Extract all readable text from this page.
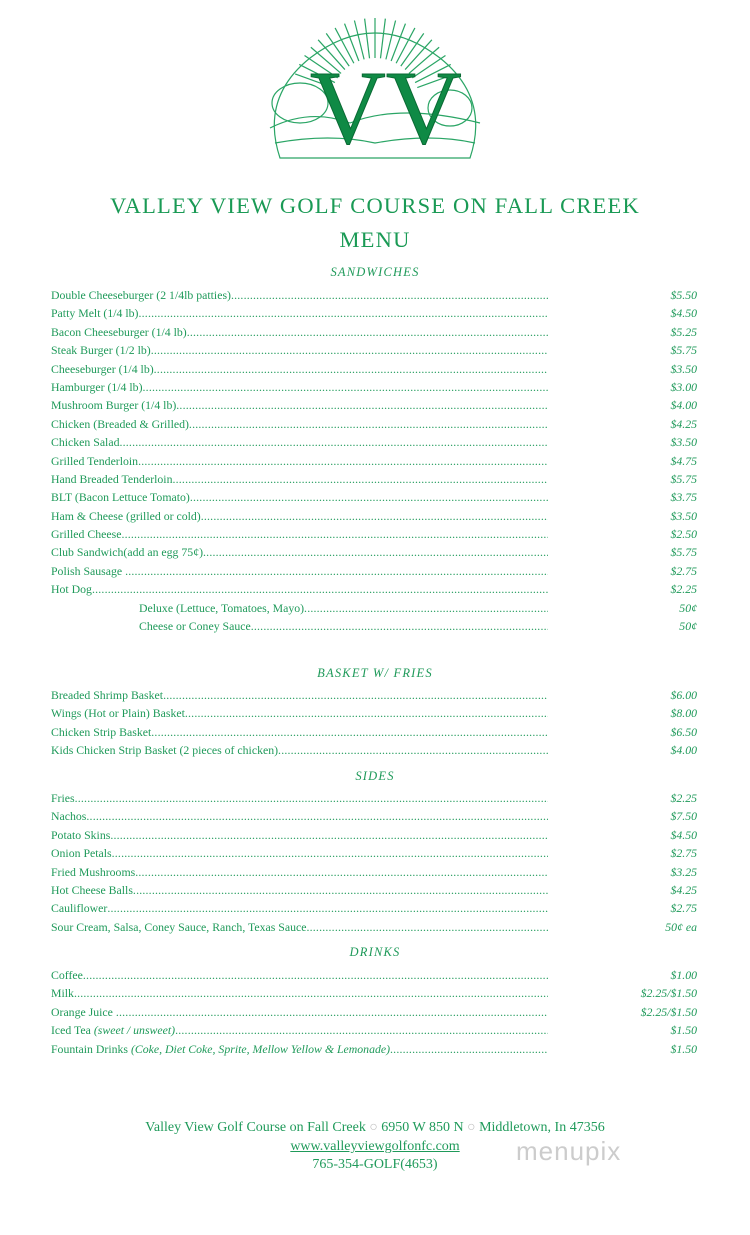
VV
VALLEY VIEW GOLF COURSE ON FALL CREEK
MENU
SANDWICHES
Double Cheeseburger (2 1/4lb patties) .....	$5.50
Patty Melt (1/4 lb) .....	$4.50
Bacon Cheeseburger (1/4 lb) .....	$5.25
Steak Burger (1/2 lb) .....	$5.75
Cheeseburger (1/4 lb) .....	$3.50
Hamburger (1/4 lb) .....	$3.00
Mushroom Burger (1/4 lb) .....	$4.00
Chicken (Breaded & Grilled) .....	$4.25
Chicken Salad .....	$3.50
Grilled Tenderloin .....	$4.75
Hand Breaded Tenderloin .....	$5.75
BLT (Bacon Lettuce Tomato) .....	$3.75
Ham & Cheese (grilled or cold) .....	$3.50
Grilled Cheese .....	$2.50
Club Sandwich(add an egg 75¢) .....	$5.75
Polish Sausage .....	$2.75
Hot Dog .....	$2.25
Deluxe (Lettuce, Tomatoes, Mayo) .....	50¢
Cheese or Coney Sauce .....	50¢
BASKET W/ FRIES
Breaded Shrimp Basket .....	$6.00
Wings (Hot or Plain) Basket .....	$8.00
Chicken Strip Basket .....	$6.50
Kids Chicken Strip Basket (2 pieces of chicken) .....	$4.00
SIDES
Fries .....	$2.25
Nachos .....	$7.50
Potato Skins .....	$4.50
Onion Petals .....	$2.75
Fried Mushrooms .....	$3.25
Hot Cheese Balls .....	$4.25
Cauliflower .....	$2.75
Sour Cream, Salsa, Coney Sauce, Ranch, Texas Sauce .....	50¢ ea
DRINKS
Coffee .....	$1.00
Milk .....	$2.25/$1.50
Orange Juice .....	$2.25/$1.50
Iced Tea (sweet / unsweet) .....	$1.50
Fountain Drinks (Coke, Diet Coke, Sprite, Mellow Yellow & Lemonade) .....	$1.50
Valley View Golf Course on Fall Creek ○ 6950 W 850 N ○ Middletown, In 47356
www.valleyviewgolfonfc.com
765-354-GOLF(4653)	menupix
